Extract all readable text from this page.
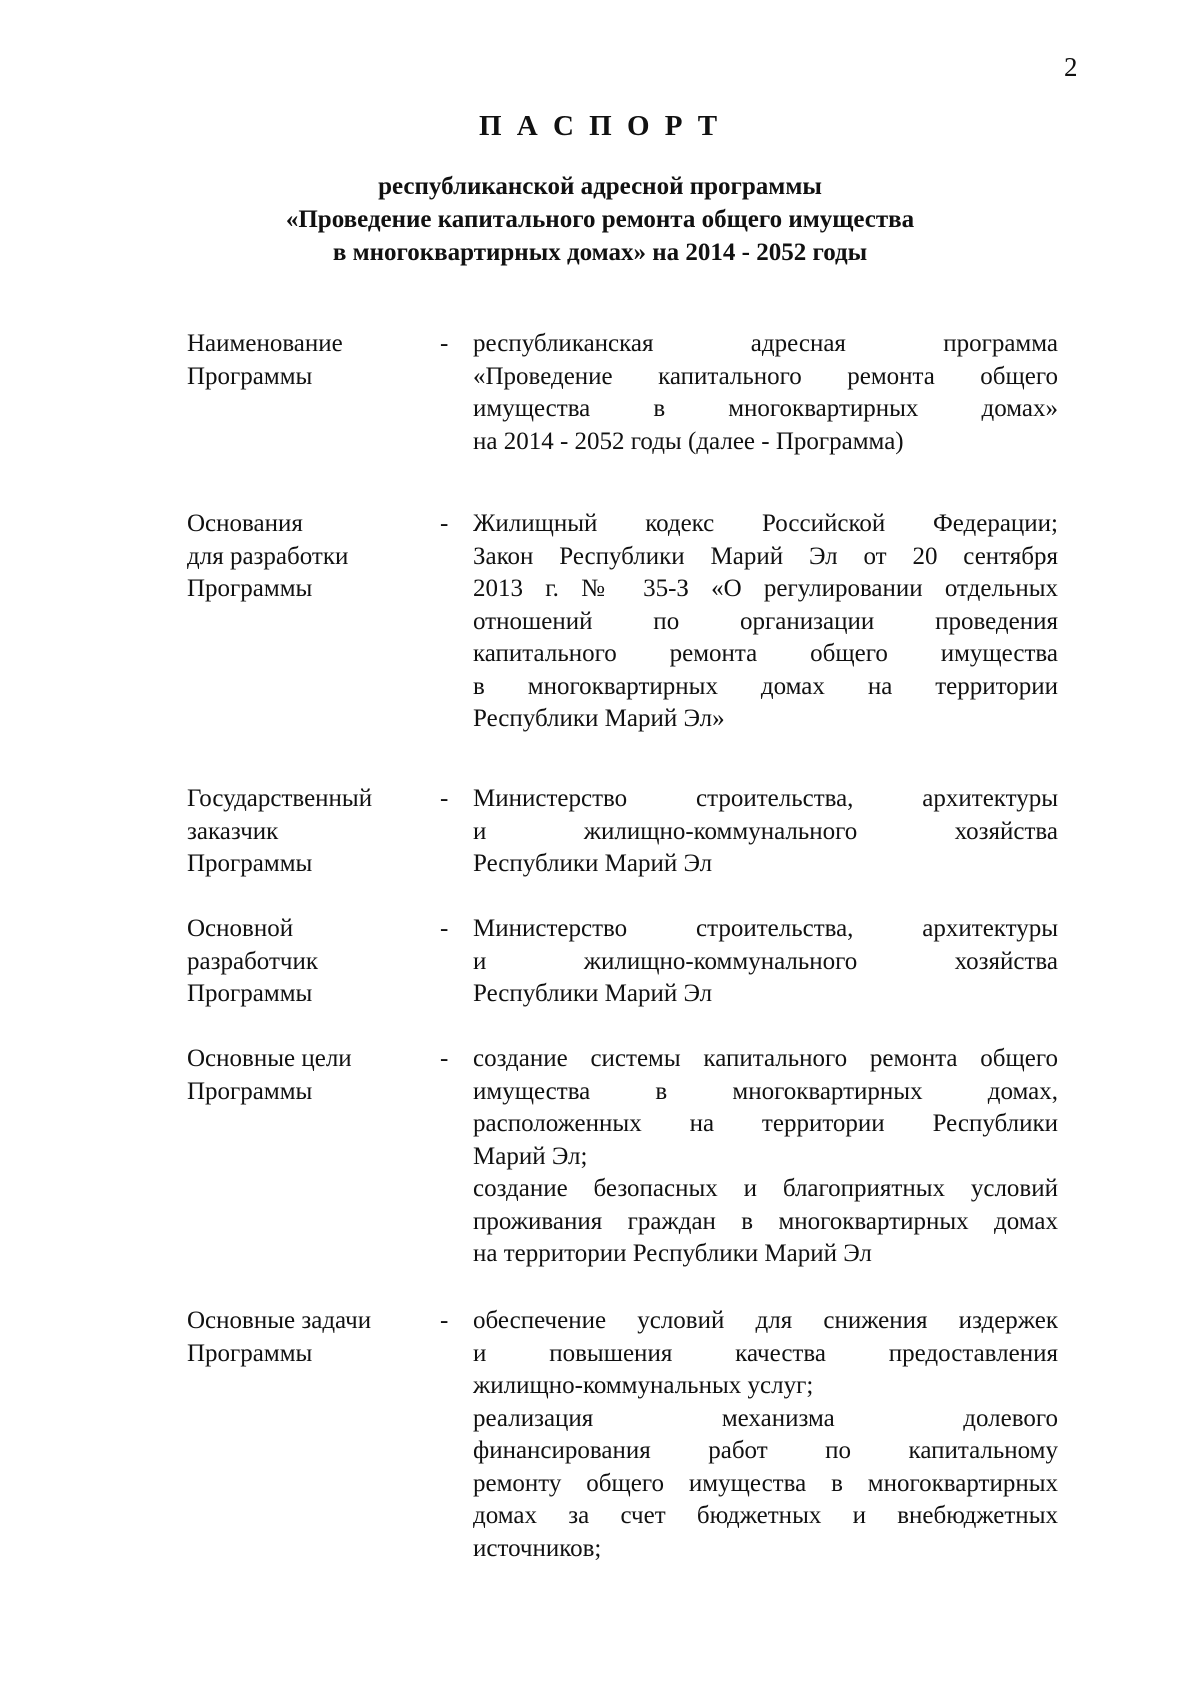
2
П А С П О Р Т
республиканской адресной программы
«Проведение капитального ремонта общего имущества
в многоквартирных домах» на 2014 - 2052 годы
Наименование
Программы
- республиканская адресная программа
«Проведение капитального ремонта общего
имущества в многоквартирных домах»
на 2014 - 2052 годы (далее - Программа)
Основания
для разработки
Программы
- Жилищный кодекс Российской Федерации;
Закон Республики Марий Эл от 20 сентября
2013 г. № 35-З «О регулировании отдельных
отношений по организации проведения
капитального ремонта общего имущества
в многоквартирных домах на территории
Республики Марий Эл»
Государственный
заказчик
Программы
- Министерство строительства, архитектуры
и жилищно-коммунального хозяйства
Республики Марий Эл
Основной
разработчик
Программы
- Министерство строительства, архитектуры
и жилищно-коммунального хозяйства
Республики Марий Эл
Основные цели
Программы
- создание системы капитального ремонта общего
имущества в многоквартирных домах,
расположенных на территории Республики
Марий Эл;
создание безопасных и благоприятных условий
проживания граждан в многоквартирных домах
на территории Республики Марий Эл
Основные задачи
Программы
- обеспечение условий для снижения издержек
и повышения качества предоставления
жилищно-коммунальных услуг;
реализация механизма долевого
финансирования работ по капитальному
ремонту общего имущества в многоквартирных
домах за счет бюджетных и внебюджетных
источников;
